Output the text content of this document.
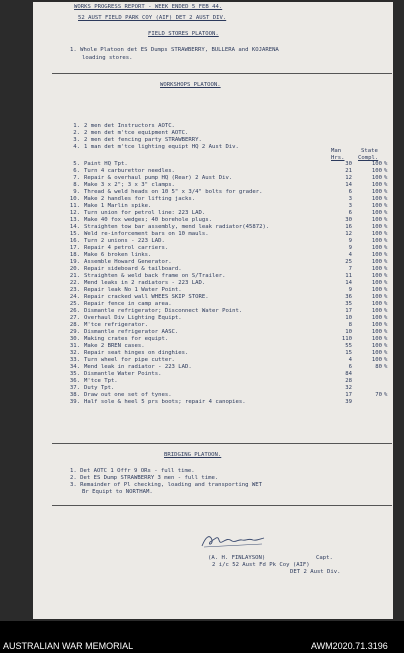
WORKS PROGRESS REPORT - WEEK ENDED 5 FEB 44.
52 AUST FIELD PARK COY (AIF) DET 2 AUST DIV.
FIELD STORES PLATOON.
1. Whole Platoon det ES Dumps STRAWBERRY, BULLERA and KOJARENA
loading stores.
WORKSHOPS PLATOON.
Man
Hrs.
State
Compl.
1. 2 men det Instructors AOTC.
2. 2 men det m'tce equipment AOTC.
3. 2 men det fencing party STRAWBERRY.
4. 1 man det m'tce lighting equipt HQ 2 Aust Div.
5. Paint HQ Tpt.	30	100 %
6. Turn 4 carburettor needles.	21	100 %
7. Repair & overhaul pump HQ (Rear) 2 Aust Div.	12	100 %
8. Make 3 x 2"; 3 x 3" clamps.	14	100 %
9. Thread & weld heads on 10 5" x 3/4" bolts for grader.	6	100 %
10. Make 2 handles for lifting jacks.	3	100 %
11. Make 1 Marlin spike.	3	100 %
12. Turn union for petrol line: 223 LAD.	6	100 %
13. Make 40 fox wedges; 40 borehole plugs.	30	100 %
14. Straighten tow bar assembly, mend leak radiator(45872).	16	100 %
15. Weld re-inforcement bars on 10 mauls.	12	100 %
16. Turn 2 unions - 223 LAD.	9	100 %
17. Repair 4 petrol carriers.	9	100 %
18. Make 6 broken links.	4	100 %
19. Assemble Howard Generator.	25	100 %
20. Repair sideboard & tailboard.	7	100 %
21. Straighten & weld back frame on S/Trailer.	11	100 %
22. Mend leaks in 2 radiators - 223 LAD.	14	100 %
23. Repair leak No 1 Water Point.	9	100 %
24. Repair cracked wall WHEES SKIP STORE.	36	100 %
25. Repair fence in camp area.	35	100 %
26. Dismantle refrigerator; Disconnect Water Point.	17	100 %
27. Overhaul Div Lighting Equipt.	10	100 %
28. M'tce refrigerator.	8	100 %
29. Dismantle refrigerator AASC.	10	100 %
30. Making crates for equipt.	110	100 %
31. Make 2 BREN cases.	55	100 %
32. Repair seat hinges on dinghies.	15	100 %
33. Turn wheel for pipe cutter.	4	100 %
34. Mend leak in radiator - 223 LAD.	6	80 %
35. Dismantle Water Points.	84
36. M'tce Tpt.	28
37. Duty Tpt.	32
38. Draw out one set of tynes.	17	70 %
39. Half sole & heel 5 prs boots; repair 4 canopies.	39
BRIDGING PLATOON.
1. Det AOTC 1 Offr 9 ORs - full time.
2. Det ES Dump STRAWBERRY 3 men - full time.
3. Remainder of Pl checking, loading and transporting WET
Br Equipt to NORTHAM.
(A. H. FINLAYSON)	Capt.
2 i/c 52 Aust Fd Pk Coy (AIF)
DET 2 Aust Div.
AUSTRALIAN WAR MEMORIAL	AWM2020.71.3196
